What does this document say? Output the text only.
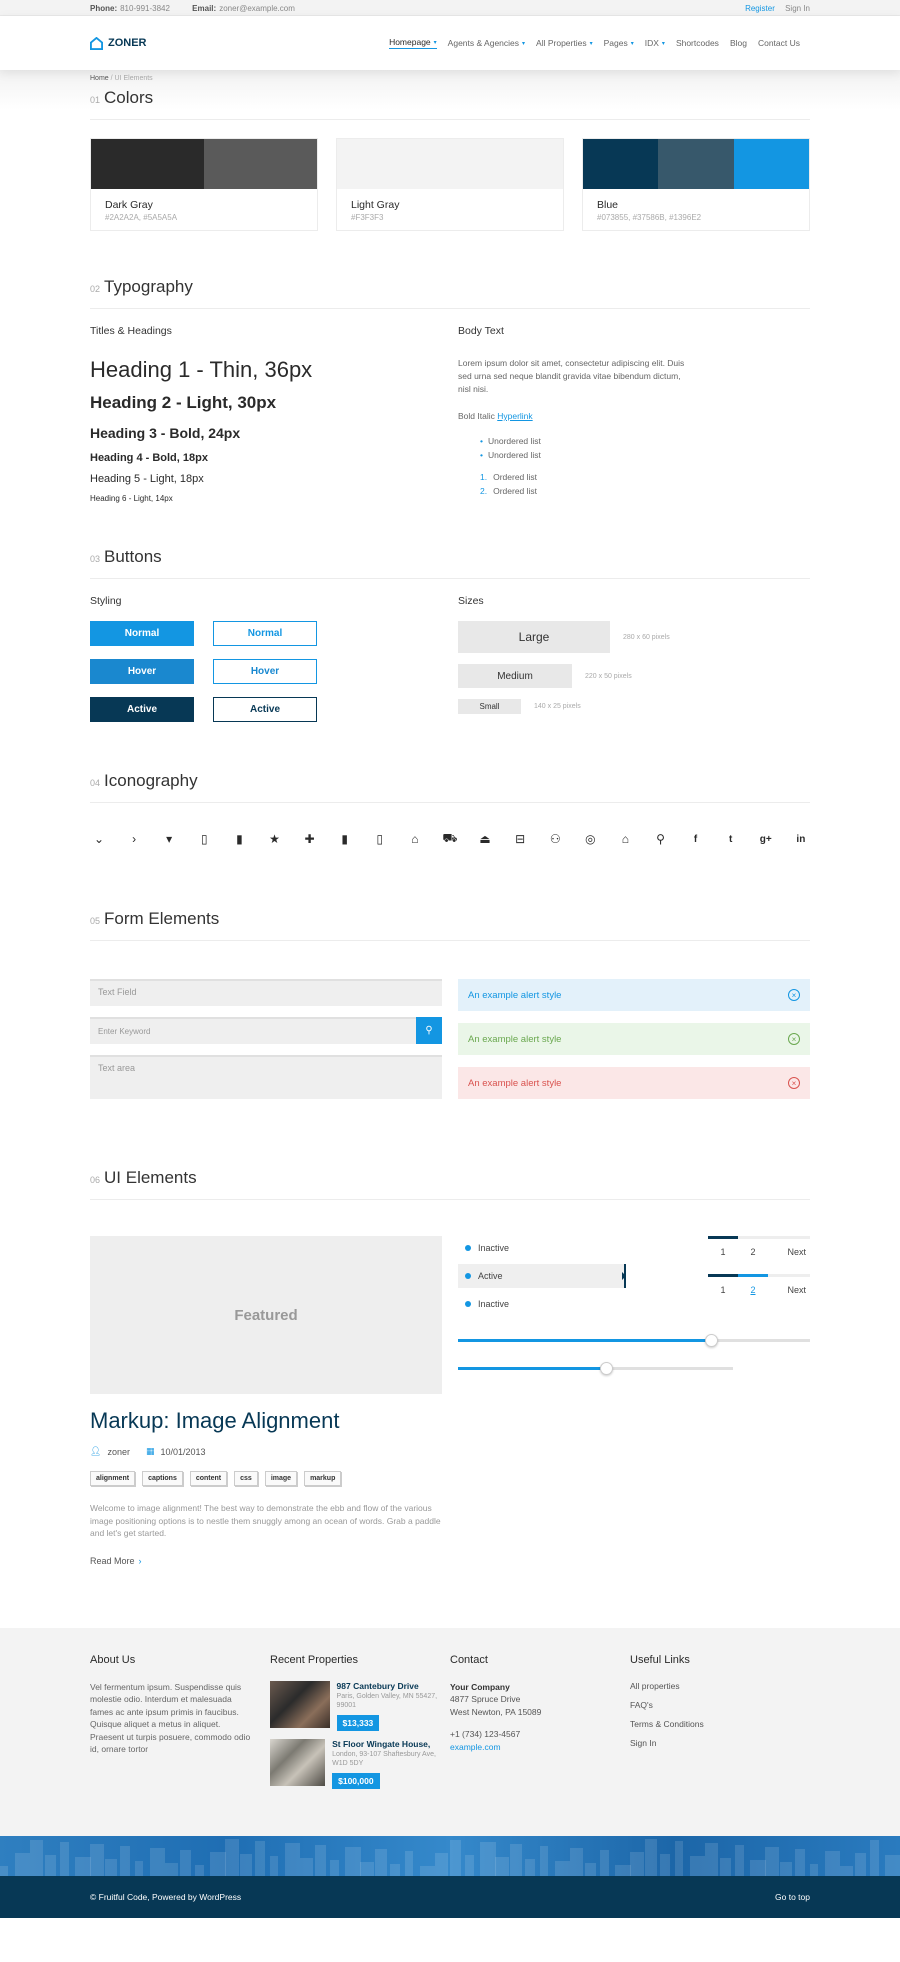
Phone: 810-991-3842	Email: zoner@example.com	Register Sign In
ZONER	Homepage ▾ Agents & Agencies ▾ All Properties ▾ Pages ▾ IDX ▾ Shortcodes Blog Contact Us
Home / UI Elements
01 Colors
Dark Gray
#2A2A2A, #5A5A5A
Light Gray
#F3F3F3
Blue
#073855, #37586B, #1396E2
02 Typography
Titles & Headings
Heading 1 - Thin, 36px
Heading 2 - Light, 30px
Heading 3 - Bold, 24px
Heading 4 - Bold, 18px
Heading 5 - Light, 18px
Heading 6 - Light, 14px
Body Text
Lorem ipsum dolor sit amet, consectetur adipiscing elit. Duis sed urna sed neque blandit gravida vitae bibendum dictum, nisl nisi.
Bold Italic Hyperlink
• Unordered list
• Unordered list
1. Ordered list
2. Ordered list
03 Buttons
Styling
Normal	Normal
Hover	Hover
Active	Active
Sizes
Large	280 x 60 pixels
Medium	220 x 50 pixels
Small	140 x 25 pixels
04 Iconography
⌄	›	▾	▯	▮	★	✚	▮	▯	⌂	⛟ ⏏	⊟	⚇	◎	⌂	⚲	f	t	g+	in
05 Form Elements
Text Field
Enter Keyword	⚲
Text area
An example alert style	×
An example alert style	×
An example alert style	×
06 UI Elements
Featured
Markup: Image Alignment
👤︎ zoner ▦ 10/01/2013
alignment	captions	content	css	image	markup
Welcome to image alignment! The best way to demonstrate the ebb and flow of the various image positioning options is to nestle them snuggly among an ocean of words. Grab a paddle and let's get started.
Read More ›
Inactive
Active
Inactive
1	2	Next
1	2	Next
About Us

Vel fermentum ipsum. Suspendisse quis molestie odio. Interdum et malesuada fames ac ante ipsum primis in faucibus. Quisque aliquet a metus in aliquet. Praesent ut turpis posuere, commodo odio id, ornare tortor

Recent Properties
987 Cantebury Drive
Paris, Golden Valley, MN 55427, 99001
$13,333
St Floor Wingate House,
London, 93-107 Shaftesbury Ave, W1D 5DY
$100,000
Contact

Your Company

4877 Spruce Drive

West Newton, PA 15089

+1 (734) 123-4567

example.com

Useful Links
All properties
FAQ's
Terms & Conditions
Sign In
© Fruitful Code, Powered by WordPress	Go to top
